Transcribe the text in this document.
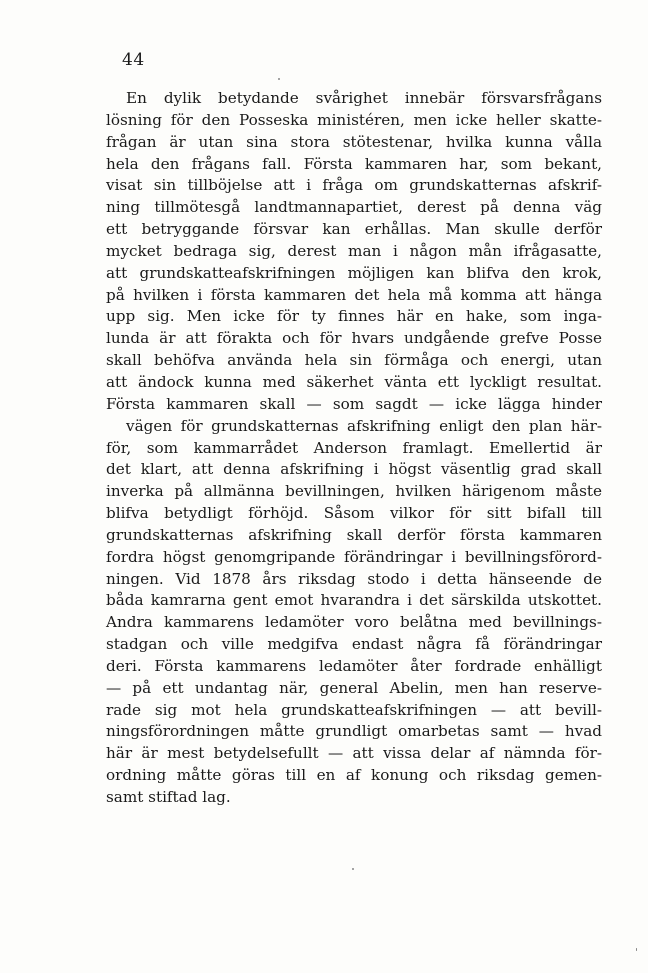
44
En dylik betydande svårighet innebär försvarsfrågans
lösning för den Posseska ministéren, men icke heller skatte-
frågan är utan sina stora stötestenar, hvilka kunna vålla
hela den frågans fall. Första kammaren har, som bekant,
visat sin tillböjelse att i fråga om grundskatternas afskrif-
ning tillmötesgå landtmannapartiet, derest på denna väg
ett betryggande försvar kan erhållas. Man skulle derför
mycket bedraga sig, derest man i någon mån ifrågasatte,
att grundskatteafskrifningen möjligen kan blifva den krok,
på hvilken i första kammaren det hela må komma att hänga
upp sig. Men icke för ty finnes här en hake, som inga-
lunda är att förakta och för hvars undgående grefve Posse
skall behöfva använda hela sin förmåga och energi, utan
att ändock kunna med säkerhet vänta ett lyckligt resultat.
Första kammaren skall — som sagdt — icke lägga hinder
vägen för grundskatternas afskrifning enligt den plan här-
för, som kammarrådet Anderson framlagt. Emellertid är
det klart, att denna afskrifning i högst väsentlig grad skall
inverka på allmänna bevillningen, hvilken härigenom måste
blifva betydligt förhöjd. Såsom vilkor för sitt bifall till
grundskatternas afskrifning skall derför första kammaren
fordra högst genomgripande förändringar i bevillningsförord-
ningen. Vid 1878 års riksdag stodo i detta hänseende de
båda kamrarna gent emot hvarandra i det särskilda utskottet.
Andra kammarens ledamöter voro belåtna med bevillnings-
stadgan och ville medgifva endast några få förändringar
deri. Första kammarens ledamöter åter fordrade enhälligt
— på ett undantag när, general Abelin, men han reserve-
rade sig mot hela grundskatteafskrifningen — att bevill-
ningsförordningen måtte grundligt omarbetas samt — hvad
här är mest betydelsefullt — att vissa delar af nämnda för-
ordning måtte göras till en af konung och riksdag gemen-
samt stiftad lag.
